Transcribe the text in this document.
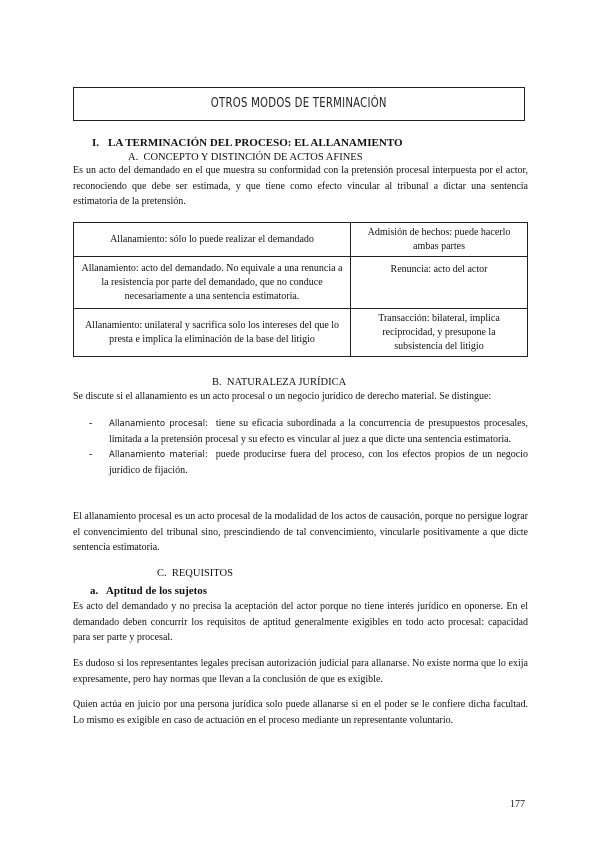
OTROS MODOS DE TERMINACIÓN
I. LA TERMINACIÓN DEL PROCESO: EL ALLANAMIENTO
A. CONCEPTO Y DISTINCIÓN DE ACTOS AFINES

Es un acto del demandado en el que muestra su conformidad con la pretensión procesal interpuesta por el actor, reconociendo que debe ser estimada, y que tiene como efecto vincular al tribunal a dictar una sentencia estimatoria de la pretensión.

Allanamiento: sólo lo puede realizar el demandado	Admisión de hechos: puede hacerlo ambas partes
Allanamiento: acto del demandado. No equivale a una renuncia a la resistencia por parte del demandado, que no conduce necesariamente a una sentencia estimatoria.	Renuncia: acto del actor
Allanamiento: unilateral y sacrifica solo los intereses del que lo presta e implica la eliminación de la base del litigio	Transacción: bilateral, implica reciprocidad, y presupone la subsistencia del litigio
B. NATURALEZA JURÍDICA

Se discute si el allanamiento es un acto procesal o un negocio jurídico de derecho material. Se distingue:

- Allanamiento procesal: tiene su eficacia subordinada a la concurrencia de presupuestos procesales, limitada a la pretensión procesal y su efecto es vincular al juez a que dicte una sentencia estimatoria.
- Allanamiento material: puede producirse fuera del proceso, con los efectos propios de un negocio jurídico de fijación.

El allanamiento procesal es un acto procesal de la modalidad de los actos de causación, porque no persigue lograr el convencimiento del tribunal sino, prescindiendo de tal convencimiento, vincularle positivamente a que dicte sentencia estimatoria.

C. REQUISITOS
a. Aptitud de los sujetos

Es acto del demandado y no precisa la aceptación del actor porque no tiene interés jurídico en oponerse. En el demandado deben concurrir los requisitos de aptitud generalmente exigibles en todo acto procesal: capacidad para ser parte y procesal.

Es dudoso si los representantes legales precisan autorización judicial para allanarse. No existe norma que lo exija expresamente, pero hay normas que llevan a la conclusión de que es exigible.

Quien actúa en juicio por una persona jurídica solo puede allanarse si en el poder se le confiere dicha facultad. Lo mismo es exigible en caso de actuación en el proceso mediante un representante voluntario.

177
